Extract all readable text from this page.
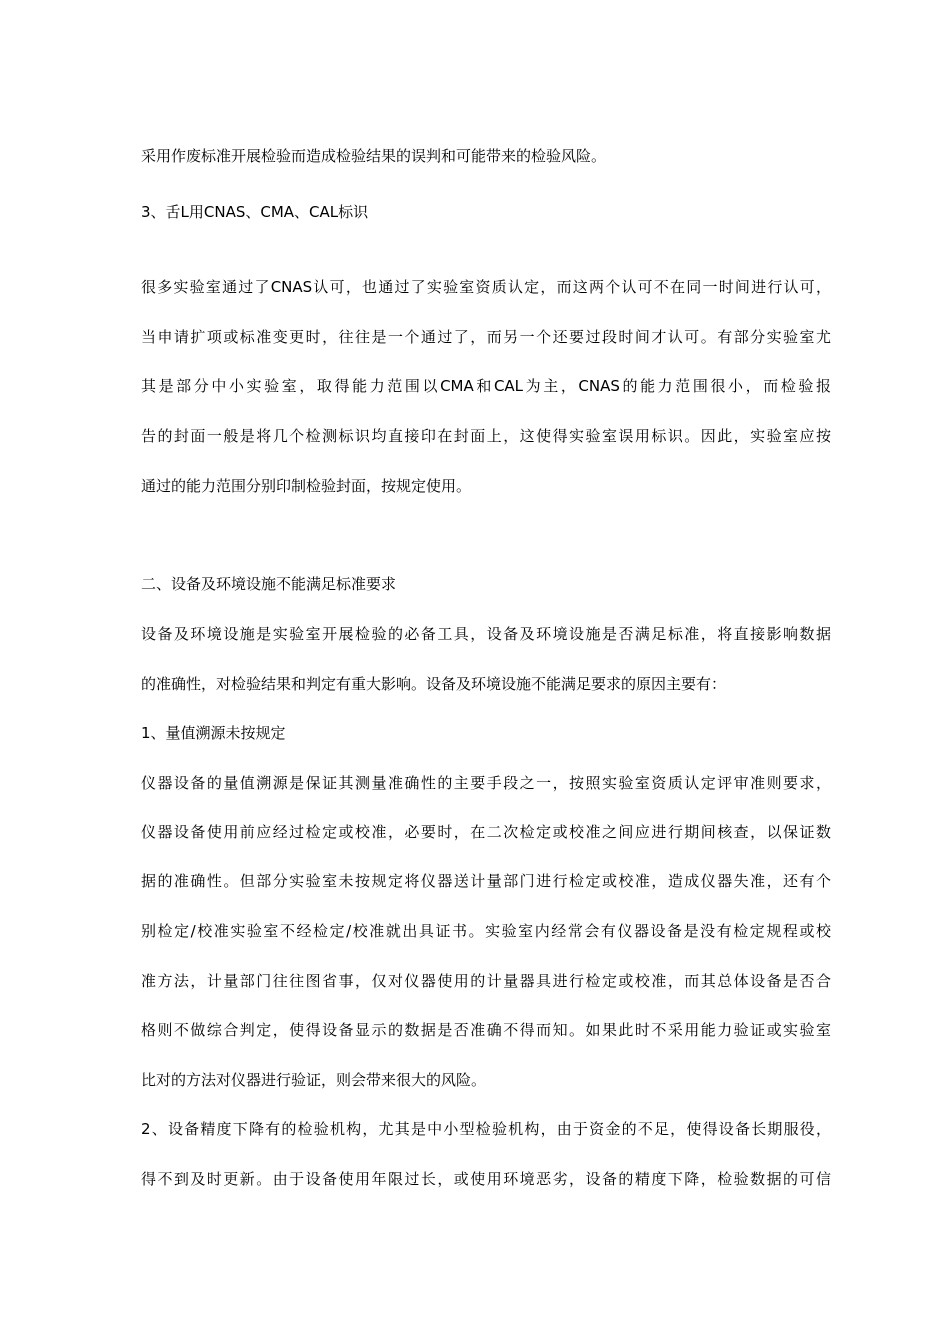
采用作废标准开展检验而造成检验结果的误判和可能带来的检验风险。
3、舌L用CNAS、CMA、CAL标识
很多实验室通过了CNAS认可，也通过了实验室资质认定，而这两个认可不在同一时间进行认可，
当申请扩项或标准变更时，往往是一个通过了，而另一个还要过段时间才认可。有部分实验室尤
其是部分中小实验室，取得能力范围以CMA和CAL为主，CNAS的能力范围很小，而检验报
告的封面一般是将几个检测标识均直接印在封面上，这使得实验室误用标识。因此，实验室应按
通过的能力范围分别印制检验封面，按规定使用。
二、设备及环境设施不能满足标准要求
设备及环境设施是实验室开展检验的必备工具，设备及环境设施是否满足标准，将直接影响数据
的准确性，对检验结果和判定有重大影响。设备及环境设施不能满足要求的原因主要有：
1、量值溯源未按规定
仪器设备的量值溯源是保证其测量准确性的主要手段之一，按照实验室资质认定评审准则要求，
仪器设备使用前应经过检定或校准，必要时，在二次检定或校准之间应进行期间核查，以保证数
据的准确性。但部分实验室未按规定将仪器送计量部门进行检定或校准，造成仪器失准，还有个
别检定/校准实验室不经检定/校准就出具证书。实验室内经常会有仪器设备是没有检定规程或校
准方法，计量部门往往图省事，仅对仪器使用的计量器具进行检定或校准，而其总体设备是否合
格则不做综合判定，使得设备显示的数据是否准确不得而知。如果此时不采用能力验证或实验室
比对的方法对仪器进行验证，则会带来很大的风险。
2、设备精度下降有的检验机构，尤其是中小型检验机构，由于资金的不足，使得设备长期服役，
得不到及时更新。由于设备使用年限过长，或使用环境恶劣，设备的精度下降，检验数据的可信
